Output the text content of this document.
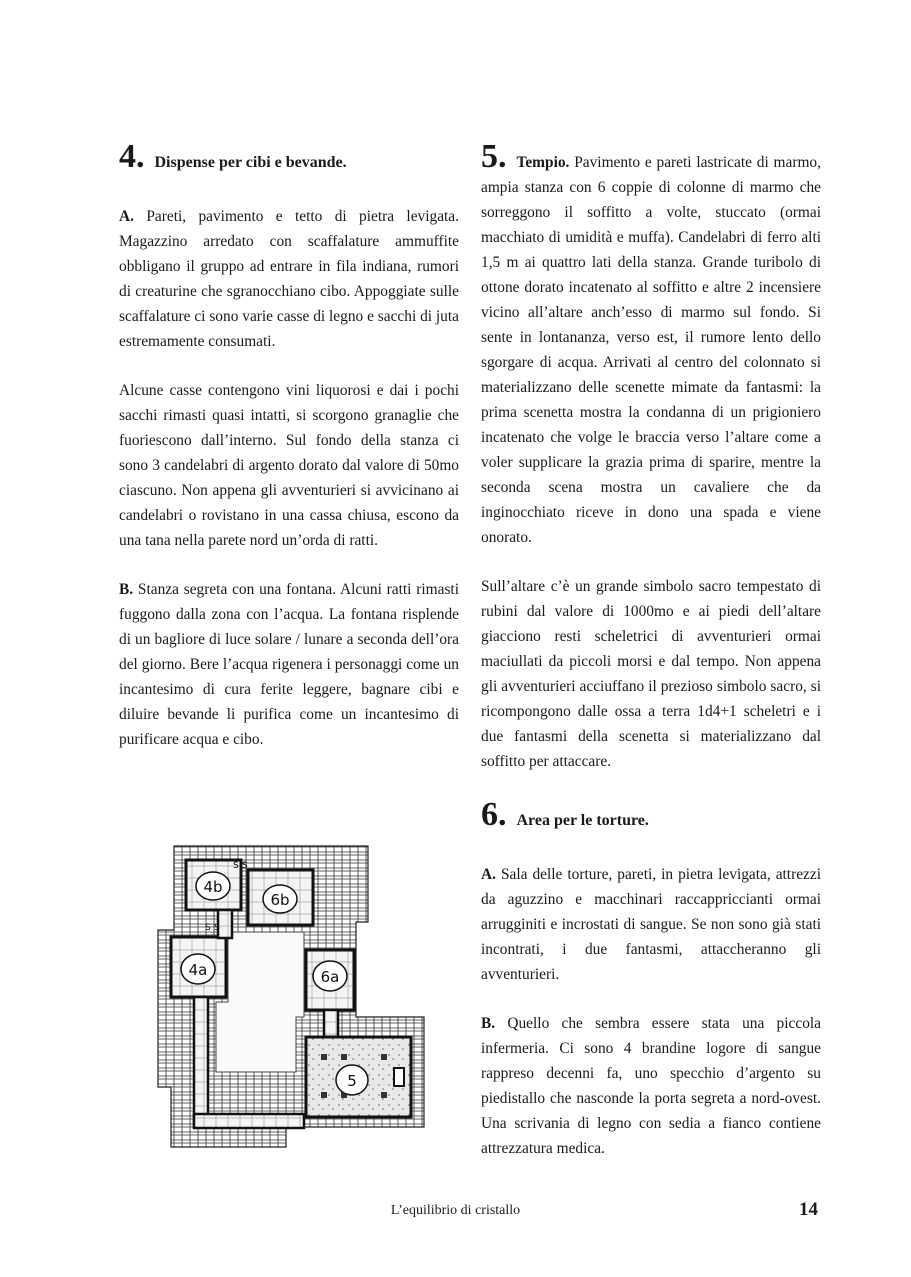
4. Dispense per cibi e bevande.

A. Pareti, pavimento e tetto di pietra levigata. Magazzino arredato con scaffalature ammuffite obbligano il gruppo ad entrare in fila indiana, rumori di creaturine che sgranocchiano cibo. Appoggiate sulle scaffalature ci sono varie casse di legno e sacchi di juta estremamente consumati.

Alcune casse contengono vini liquorosi e dai i pochi sacchi rimasti quasi intatti, si scorgono granaglie che fuoriescono dall’interno. Sul fondo della stanza ci sono 3 candelabri di argento dorato dal valore di 50mo ciascuno. Non appena gli avventurieri si avvicinano ai candelabri o rovistano in una cassa chiusa, escono da una tana nella parete nord un’orda di ratti.

B. Stanza segreta con una fontana. Alcuni ratti rimasti fuggono dalla zona con l’acqua. La fontana risplende di un bagliore di luce solare / lunare a seconda dell’ora del giorno. Bere l’acqua rigenera i personaggi come un incantesimo di cura ferite leggere, bagnare cibi e diluire bevande li purifica come un incantesimo di purificare acqua e cibo.

5. Tempio. Pavimento e pareti lastricate di marmo, ampia stanza con 6 coppie di colonne di marmo che sorreggono il soffitto a volte, stuccato (ormai macchiato di umidità e muffa). Candelabri di ferro alti 1,5 m ai quattro lati della stanza. Grande turibolo di ottone dorato incatenato al soffitto e altre 2 incensiere vicino all’altare anch’esso di marmo sul fondo. Si sente in lontananza, verso est, il rumore lento dello sgorgare di acqua. Arrivati al centro del colonnato si materializzano delle scenette mimate da fantasmi: la prima scenetta mostra la condanna di un prigioniero incatenato che volge le braccia verso l’altare come a voler supplicare la grazia prima di sparire, mentre la seconda scena mostra un cavaliere che da inginocchiato riceve in dono una spada e viene onorato.

Sull’altare c’è un grande simbolo sacro tempestato di rubini dal valore di 1000mo e ai piedi dell’altare giacciono resti scheletrici di avventurieri ormai maciullati da piccoli morsi e dal tempo. Non appena gli avventurieri acciuffano il prezioso simbolo sacro, si ricompongono dalle ossa a terra 1d4+1 scheletri e i due fantasmi della scenetta si materializzano dal soffitto per attaccare.

6. Area per le torture.

A. Sala delle torture, pareti, in pietra levigata, attrezzi da aguzzino e macchinari raccappriccianti ormai arrugginiti e incrostati di sangue. Se non sono già stati incontrati, i due fantasmi, attaccheranno gli avventurieri.

B. Quello che sembra essere stata una piccola infermeria. Ci sono 4 brandine logore di sangue rappreso decenni fa, uno specchio d’argento su piedistallo che nasconde la porta segreta a nord-ovest. Una scrivania di legno con sedia a fianco contiene attrezzatura medica.

S S
S S
4b
6b
4a	6a
5
L’equilibrio di cristallo	14
